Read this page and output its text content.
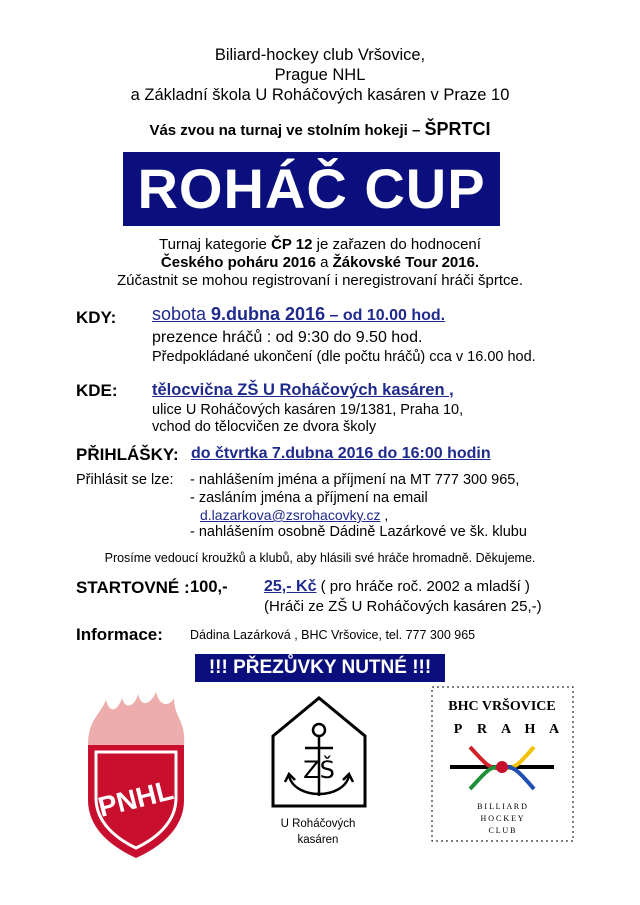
Biliard-hockey club Vršovice,
Prague NHL
a Základní škola U Roháčových kasáren v Praze 10
Vás zvou na turnaj ve stolním hokeji – ŠPRTCI
ROHÁČ CUP
Turnaj kategorie ČP 12 je zařazen do hodnocení
Českého poháru 2016 a Žákovské Tour 2016.
Zúčastnit se mohou registrovaní i neregistrovaní hráči šprtce.
KDY: sobota 9.dubna 2016 – od 10.00 hod.
prezence hráčů : od 9:30 do 9.50 hod.
Předpokládané ukončení (dle počtu hráčů) cca v 16.00 hod.
KDE: tělocvična ZŠ U Roháčových kasáren ,
ulice U Roháčových kasáren 19/1381, Praha 10,
vchod do tělocvičen ze dvora školy
PŘIHLÁŠKY: do čtvrtka 7.dubna 2016 do 16:00 hodin
Přihlásit se lze: - nahlášením jména a příjmení na MT 777 300 965,
- zasláním jména a příjmení na email
d.lazarkova@zsrohacovky.cz ,
- nahlášením osobně Dádině Lazárkové ve šk. klubu
Prosíme vedoucí kroužků a klubů, aby hlásili své hráče hromadně. Děkujeme.
STARTOVNÉ : 100,- 25,- Kč ( pro hráče roč. 2002 a mladší )
(Hráči ze ZŠ U Roháčových kasáren 25,-)
Informace: Dádina Lazárková , BHC Vršovice, tel. 777 300 965
!!! PŘEZŮVKY NUTNÉ !!!
PNHL
ZŠ
U Roháčových
kasáren
BHC VRŠOVICE
P R A H A
B I L L I A R D
H O C K E Y
C L U B
